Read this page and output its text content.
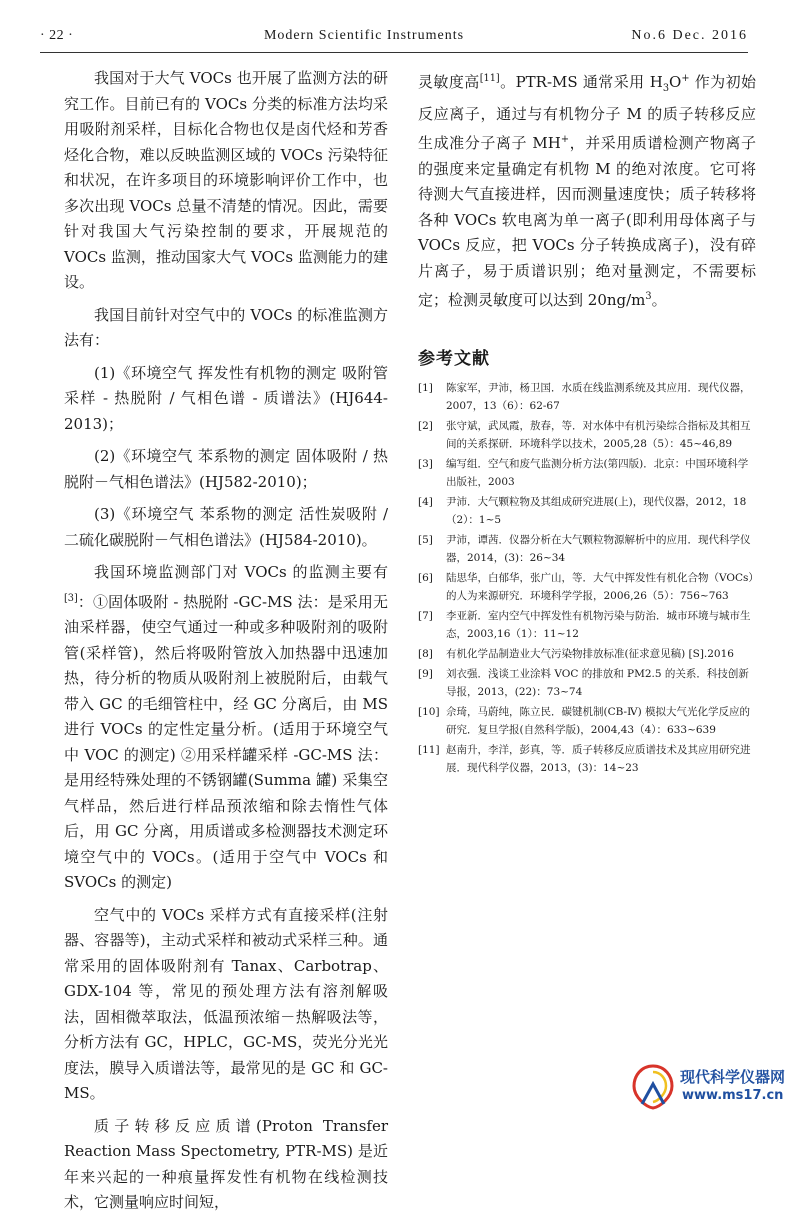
· 22 ·	Modern Scientific Instruments	No.6 Dec. 2016

我国对于大气 VOCs 也开展了监测方法的研究工作。目前已有的 VOCs 分类的标准方法均采用吸附剂采样，目标化合物也仅是卤代烃和芳香烃化合物，难以反映监测区域的 VOCs 污染特征和状况，在许多项目的环境影响评价工作中，也多次出现 VOCs 总量不清楚的情况。因此，需要针对我国大气污染控制的要求，开展规范的 VOCs 监测，推动国家大气 VOCs 监测能力的建设。

我国目前针对空气中的 VOCs 的标准监测方法有：

(1)《环境空气 挥发性有机物的测定 吸附管采样 - 热脱附 / 气相色谱 - 质谱法》(HJ644-2013)；

(2)《环境空气 苯系物的测定 固体吸附 / 热脱附－气相色谱法》(HJ582-2010)；

(3)《环境空气 苯系物的测定 活性炭吸附 / 二硫化碳脱附－气相色谱法》(HJ584-2010)。

我国环境监测部门对 VOCs 的监测主要有[3]：①固体吸附 - 热脱附 -GC-MS 法：是采用无油采样器，使空气通过一种或多种吸附剂的吸附管(采样管)，然后将吸附管放入加热器中迅速加热，待分析的物质从吸附剂上被脱附后，由载气带入 GC 的毛细管柱中，经 GC 分离后，由 MS 进行 VOCs 的定性定量分析。(适用于环境空气中 VOC 的测定) ②用采样罐采样 -GC-MS 法：是用经特殊处理的不锈钢罐(Summa 罐) 采集空气样品，然后进行样品预浓缩和除去惰性气体后，用 GC 分离，用质谱或多检测器技术测定环境空气中的 VOCs。(适用于空气中 VOCs 和 SVOCs 的测定)

空气中的 VOCs 采样方式有直接采样(注射器、容器等)，主动式采样和被动式采样三种。通常采用的固体吸附剂有 Tanax、Carbotrap、GDX-104 等，常见的预处理方法有溶剂解吸法，固相微萃取法，低温预浓缩－热解吸法等，分析方法有 GC，HPLC，GC-MS，荧光分光光度法，膜导入质谱法等，最常见的是 GC 和 GC-MS。

质子转移反应质谱(Proton Transfer Reaction Mass Spectometry, PTR-MS) 是近年来兴起的一种痕量挥发性有机物在线检测技术，它测量响应时间短，

灵敏度高[11]。PTR-MS 通常采用 $H_3O^+$ 作为初始反应离子，通过与有机物分子 M 的质子转移反应生成准分子离子 MH+，并采用质谱检测产物离子的强度来定量确定有机物 M 的绝对浓度。它可将待测大气直接进样，因而测量速度快；质子转移将各种 VOCs 软电离为单一离子(即利用母体离子与 VOCs 反应，把 VOCs 分子转换成离子)，没有碎片离子，易于质谱识别；绝对量测定，不需要标定；检测灵敏度可以达到 $20ng/m^3$。

参考文献
[1]	陈家军，尹沛，杨卫国．水质在线监测系统及其应用．现代仪器，2007，13（6）：62-67
[2]	张守斌，武凤霞，敖春，等．对水体中有机污染综合指标及其相互间的关系探研．环境科学以技术，2005,28（5）：45~46,89
[3]	编写组．空气和废气监测分析方法(第四版)．北京：中国环境科学出版社，2003
[4]	尹沛．大气颗粒物及其组成研究进展(上)，现代仪器，2012，18（2）：1~5
[5]	尹沛，谭茜．仪器分析在大气颗粒物源解析中的应用．现代科学仪器，2014，(3)：26~34
[6]	陆思华，白郁华，张广山，等．大气中挥发性有机化合物（VOCs）的人为来源研究．环境科学学报，2006,26（5）：756~763
[7]	李亚新．室内空气中挥发性有机物污染与防治．城市环境与城市生态，2003,16（1）：11~12
[8]	有机化学品制造业大气污染物排放标准(征求意见稿) [S].2016
[9]	刘衣强．浅谈工业涂料 VOC 的排放和 PM2.5 的关系．科技创新导报，2013，(22)：73~74
[10] 佘琦，马蔚纯，陈立民．碳键机制(CB-Ⅳ) 模拟大气光化学反应的研究．复旦学报(自然科学版)，2004,43（4）：633~639
[11] 赵南升，李洋，彭真，等．质子转移反应质谱技术及其应用研究进展．现代科学仪器，2013，(3)：14~23
现代科学仪器网
www.ms17.cn
